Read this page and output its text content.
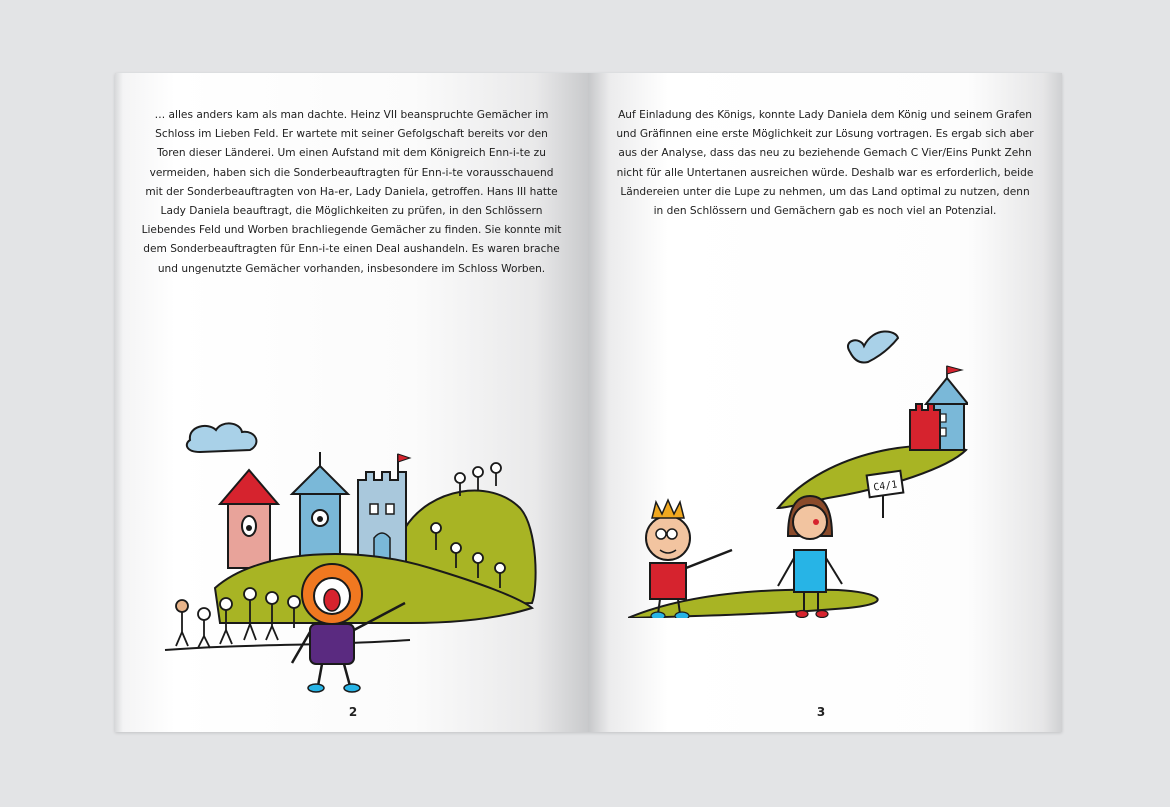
… alles anders kam als man dachte. Heinz VII beanspruchte Gemächer im
Schloss im Lieben Feld. Er wartete mit seiner Gefolgschaft bereits vor den
Toren dieser Länderei. Um einen Aufstand mit dem Königreich Enn-i-te zu
vermeiden, haben sich die Sonderbeauftragten für Enn-i-te vorausschauend
mit der Sonderbeauftragten von Ha-er, Lady Daniela, getroffen. Hans III hatte
Lady Daniela beauftragt, die Möglichkeiten zu prüfen, in den Schlössern
Liebendes Feld und Worben brachliegende Gemächer zu finden. Sie konnte mit
dem Sonderbeauftragten für Enn-i-te einen Deal aushandeln. Es waren brache
und ungenutzte Gemächer vorhanden, insbesondere im Schloss Worben.
2
Auf Einladung des Königs, konnte Lady Daniela dem König und seinem Grafen
und Gräfinnen eine erste Möglichkeit zur Lösung vortragen. Es ergab sich aber
aus der Analyse, dass das neu zu beziehende Gemach C Vier/Eins Punkt Zehn
nicht für alle Untertanen ausreichen würde. Deshalb war es erforderlich, beide
Ländereien unter die Lupe zu nehmen, um das Land optimal zu nutzen, denn
in den Schlössern und Gemächern gab es noch viel an Potenzial.
C4/1
3
